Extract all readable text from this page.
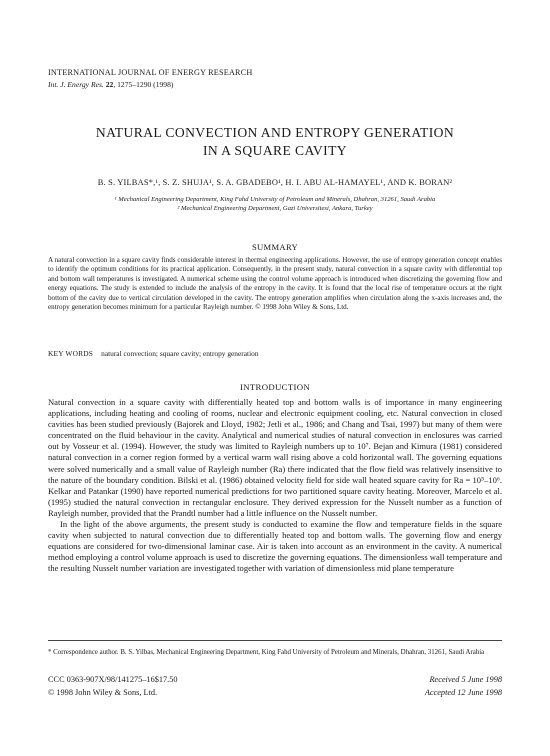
INTERNATIONAL JOURNAL OF ENERGY RESEARCH
Int. J. Energy Res. 22, 1275–1290 (1998)
NATURAL CONVECTION AND ENTROPY GENERATION
IN A SQUARE CAVITY
B. S. YILBAS*,¹, S. Z. SHUJA¹, S. A. GBADEBO¹, H. I. ABU AL-HAMAYEL¹, AND K. BORAN²
¹ Mechanical Engineering Department, King Fahd University of Petroleum and Minerals, Dhahran, 31261, Saudi Arabia
² Mechanical Engineering Department, Gazi Universitesi, Ankara, Turkey
SUMMARY
A natural convection in a square cavity finds considerable interest in thermal engineering applications. However, the use of entropy generation concept enables to identify the optimum conditions for its practical application. Consequently, in the present study, natural convection in a square cavity with differential top and bottom wall temperatures is investigated. A numerical scheme using the control volume approach is introduced when discretizing the governing flow and energy equations. The study is extended to include the analysis of the entropy in the cavity. It is found that the local rise of temperature occurs at the right bottom of the cavity due to vertical circulation developed in the cavity. The entropy generation amplifies when circulation along the x-axis increases and, the entropy generation becomes minimum for a particular Rayleigh number. © 1998 John Wiley & Sons, Ltd.
KEY WORDS natural convection; square cavity; entropy generation
INTRODUCTION

Natural convection in a square cavity with differentially heated top and bottom walls is of importance in many engineering applications, including heating and cooling of rooms, nuclear and electronic equipment cooling, etc. Natural convection in closed cavities has been studied previously (Bajorek and Lloyd, 1982; Jetli et al., 1986; and Chang and Tsai, 1997) but many of them were concentrated on the fluid behaviour in the cavity. Analytical and numerical studies of natural convection in enclosures was carried out by Vosseur et al. (1994). However, the study was limited to Rayleigh numbers up to 10⁷. Bejan and Kimura (1981) considered natural convection in a corner region formed by a vertical warm wall rising above a cold horizontal wall. The governing equations were solved numerically and a small value of Rayleigh number (Ra) there indicated that the flow field was relatively insensitive to the nature of the boundary condition. Bilski et al. (1986) obtained velocity field for side wall heated square cavity for Ra = 10⁵–10⁶. Kelkar and Patankar (1990) have reported numerical predictions for two partitioned square cavity heating. Moreover, Marcelo et al. (1995) studied the natural convection in rectangular enclosure. They derived expression for the Nusselt number as a function of Rayleigh number, provided that the Prandtl number had a little influence on the Nusselt number.

In the light of the above arguments, the present study is conducted to examine the flow and temperature fields in the square cavity when subjected to natural convection due to differentially heated top and bottom walls. The governing flow and energy equations are considered for two-dimensional laminar case. Air is taken into account as an environment in the cavity. A numerical method employing a control volume approach is used to discretize the governing equations. The dimensionless wall temperature and the resulting Nusselt number variation are investigated together with variation of dimensionless mid plane temperature

* Correspondence author. B. S. Yilbas, Mechanical Engineering Department, King Fahd University of Petroleum and Minerals, Dhahran, 31261, Saudi Arabia
CCC 0363-907X/98/141275–16$17.50
© 1998 John Wiley & Sons, Ltd.
Received 5 June 1998
Accepted 12 June 1998
